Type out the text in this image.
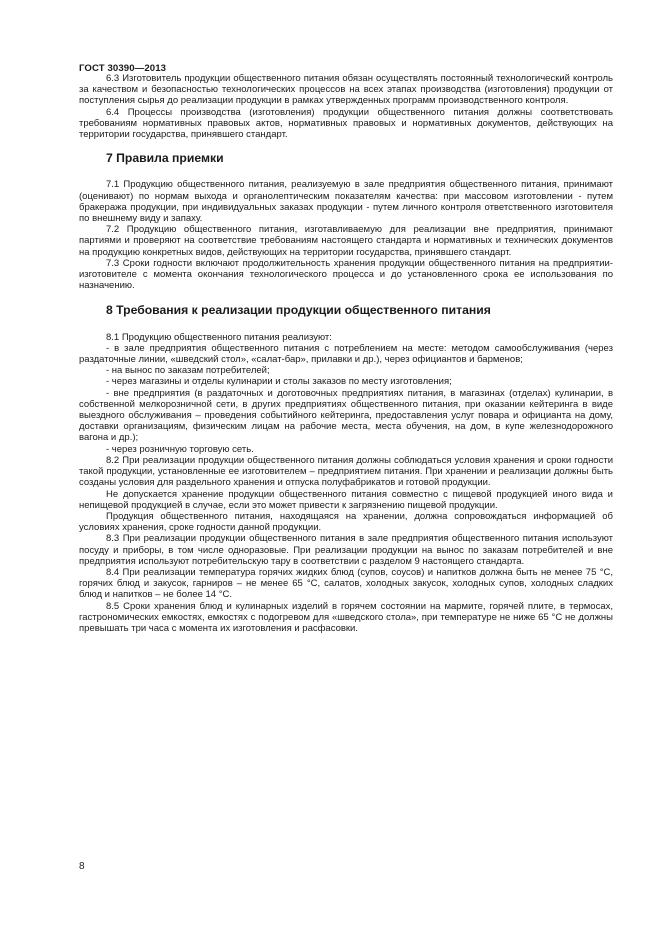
ГОСТ 30390—2013

6.3 Изготовитель продукции общественного питания обязан осуществлять постоянный технологический контроль за качеством и безопасностью технологических процессов на всех этапах производства (изготовления) продукции от поступления сырья до реализации продукции в рамках утвержденных программ производственного контроля.

6.4 Процессы производства (изготовления) продукции общественного питания должны соответствовать требованиям нормативных правовых актов, нормативных правовых и нормативных документов, действующих на территории государства, принявшего стандарт.

7 Правила приемки

7.1 Продукцию общественного питания, реализуемую в зале предприятия общественного питания, принимают (оценивают) по нормам выхода и органолептическим показателям качества: при массовом изготовлении - путем бракеража продукции, при индивидуальных заказах продукции - путем личного контроля ответственного изготовителя по внешнему виду и запаху.

7.2 Продукцию общественного питания, изготавливаемую для реализации вне предприятия, принимают партиями и проверяют на соответствие требованиям настоящего стандарта и нормативных и технических документов на продукцию конкретных видов, действующих на территории государства, принявшего стандарт.

7.3 Сроки годности включают продолжительность хранения продукции общественного питания на предприятии-изготовителе с момента окончания технологического процесса и до установленного срока ее использования по назначению.

8 Требования к реализации продукции общественного питания

8.1 Продукцию общественного питания реализуют:

- в зале предприятия общественного питания с потреблением на месте: методом самообслуживания (через раздаточные линии, «шведский стол», «салат-бар», прилавки и др.), через официантов и барменов;

- на вынос по заказам потребителей;

- через магазины и отделы кулинарии и столы заказов по месту изготовления;

- вне предприятия (в раздаточных и доготовочных предприятиях питания, в магазинах (отделах) кулинарии, в собственной мелкорозничной сети, в других предприятиях общественного питания, при оказании кейтеринга в виде выездного обслуживания – проведения событийного кейтеринга, предоставления услуг повара и официанта на дому, доставки организациям, физическим лицам на рабочие места, места обучения, на дом, в купе железнодорожного вагона и др.);

- через розничную торговую сеть.

8.2 При реализации продукции общественного питания должны соблюдаться условия хранения и сроки годности такой продукции, установленные ее изготовителем – предприятием питания. При хранении и реализации должны быть созданы условия для раздельного хранения и отпуска полуфабрикатов и готовой продукции.

Не допускается хранение продукции общественного питания совместно с пищевой продукцией иного вида и непищевой продукцией в случае, если это может привести к загрязнению пищевой продукции.

Продукция общественного питания, находящаяся на хранении, должна сопровождаться информацией об условиях хранения, сроке годности данной продукции.

8.3 При реализации продукции общественного питания в зале предприятия общественного питания используют посуду и приборы, в том числе одноразовые. При реализации продукции на вынос по заказам потребителей и вне предприятия используют потребительскую тару в соответствии с разделом 9 настоящего стандарта.

8.4 При реализации температура горячих жидких блюд (супов, соусов) и напитков должна быть не менее 75 °С, горячих блюд и закусок, гарниров – не менее 65 °С, салатов, холодных закусок, холодных супов, холодных сладких блюд и напитков – не более 14 °С.

8.5 Сроки хранения блюд и кулинарных изделий в горячем состоянии на мармите, горячей плите, в термосах, гастрономических емкостях, емкостях с подогревом для «шведского стола», при температуре не ниже 65 °С не должны превышать три часа с момента их изготовления и расфасовки.

8
